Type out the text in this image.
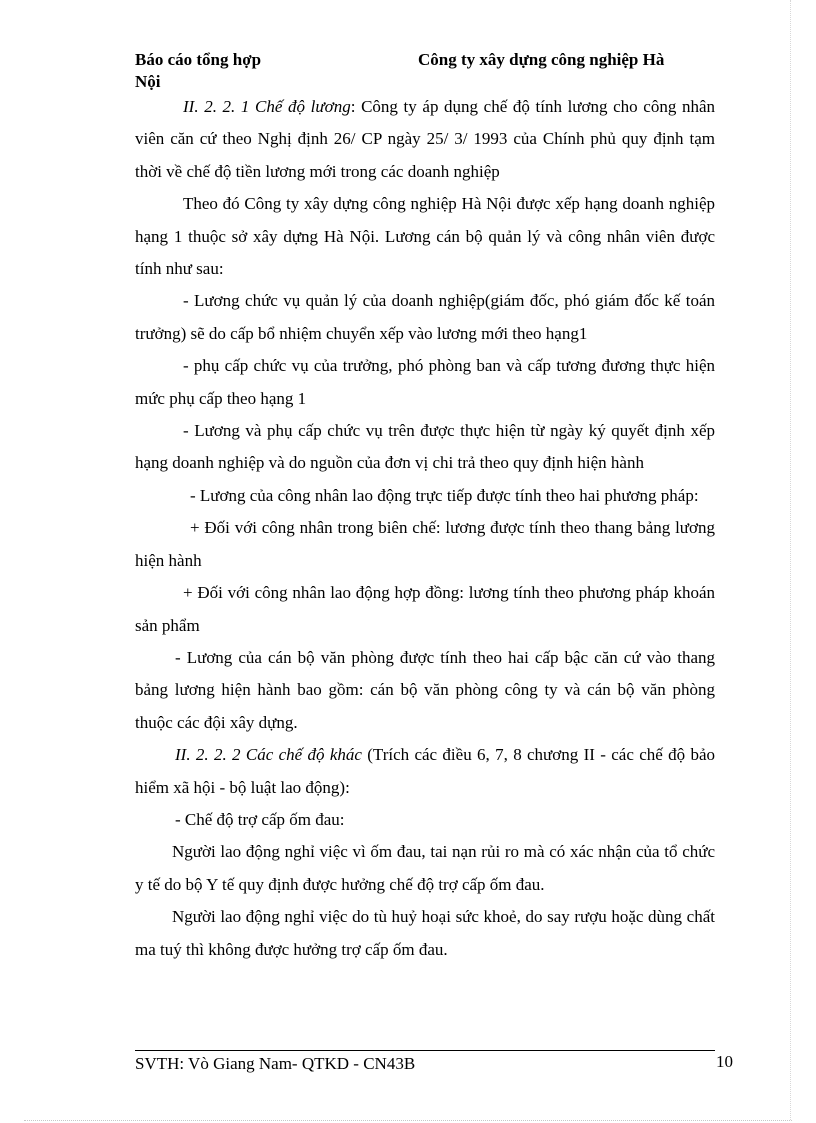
Báo cáo tổng hợp	Công ty xây dựng công nghiệp Hà
Nội

II. 2. 2. 1 Chế độ lương: Công ty áp dụng chế độ tính lương cho công nhân viên căn cứ theo Nghị định 26/ CP ngày 25/ 3/ 1993 của Chính phủ quy định tạm thời về chế độ tiền lương mới trong các doanh nghiệp

Theo đó Công ty xây dựng công nghiệp Hà Nội được xếp hạng doanh nghiệp hạng 1 thuộc sở xây dựng Hà Nội. Lương cán bộ quản lý và công nhân viên được tính như sau:

- Lương chức vụ quản lý của doanh nghiệp(giám đốc, phó giám đốc kế toán trưởng) sẽ do cấp bổ nhiệm chuyển xếp vào lương mới theo hạng1

- phụ cấp chức vụ của trưởng, phó phòng ban và cấp tương đương thực hiện mức phụ cấp theo hạng 1

- Lương và phụ cấp chức vụ trên được thực hiện từ ngày ký quyết định xếp hạng doanh nghiệp và do nguồn của đơn vị chi trả theo quy định hiện hành

- Lương của công nhân lao động trực tiếp được tính theo hai phương pháp:

+ Đối với công nhân trong biên chế: lương được tính theo thang bảng lương hiện hành

+ Đối với công nhân lao động hợp đồng: lương tính theo phương pháp khoán sản phẩm

- Lương của cán bộ văn phòng được tính theo hai cấp bậc căn cứ vào thang bảng lương hiện hành bao gồm: cán bộ văn phòng công ty và cán bộ văn phòng thuộc các đội xây dựng.

II. 2. 2. 2 Các chế độ khác (Trích các điều 6, 7, 8 chương II - các chế độ bảo hiểm xã hội - bộ luật lao động):

- Chế độ trợ cấp ốm đau:

Người lao động nghỉ việc vì ốm đau, tai nạn rủi ro mà có xác nhận của tổ chức y tế do bộ Y tế quy định được hưởng chế độ trợ cấp ốm đau.

Người lao động nghỉ việc do tù huỷ hoại sức khoẻ, do say rượu hoặc dùng chất ma tuý thì không được hưởng trợ cấp ốm đau.

SVTH: Vò Giang Nam- QTKD - CN43B	10
